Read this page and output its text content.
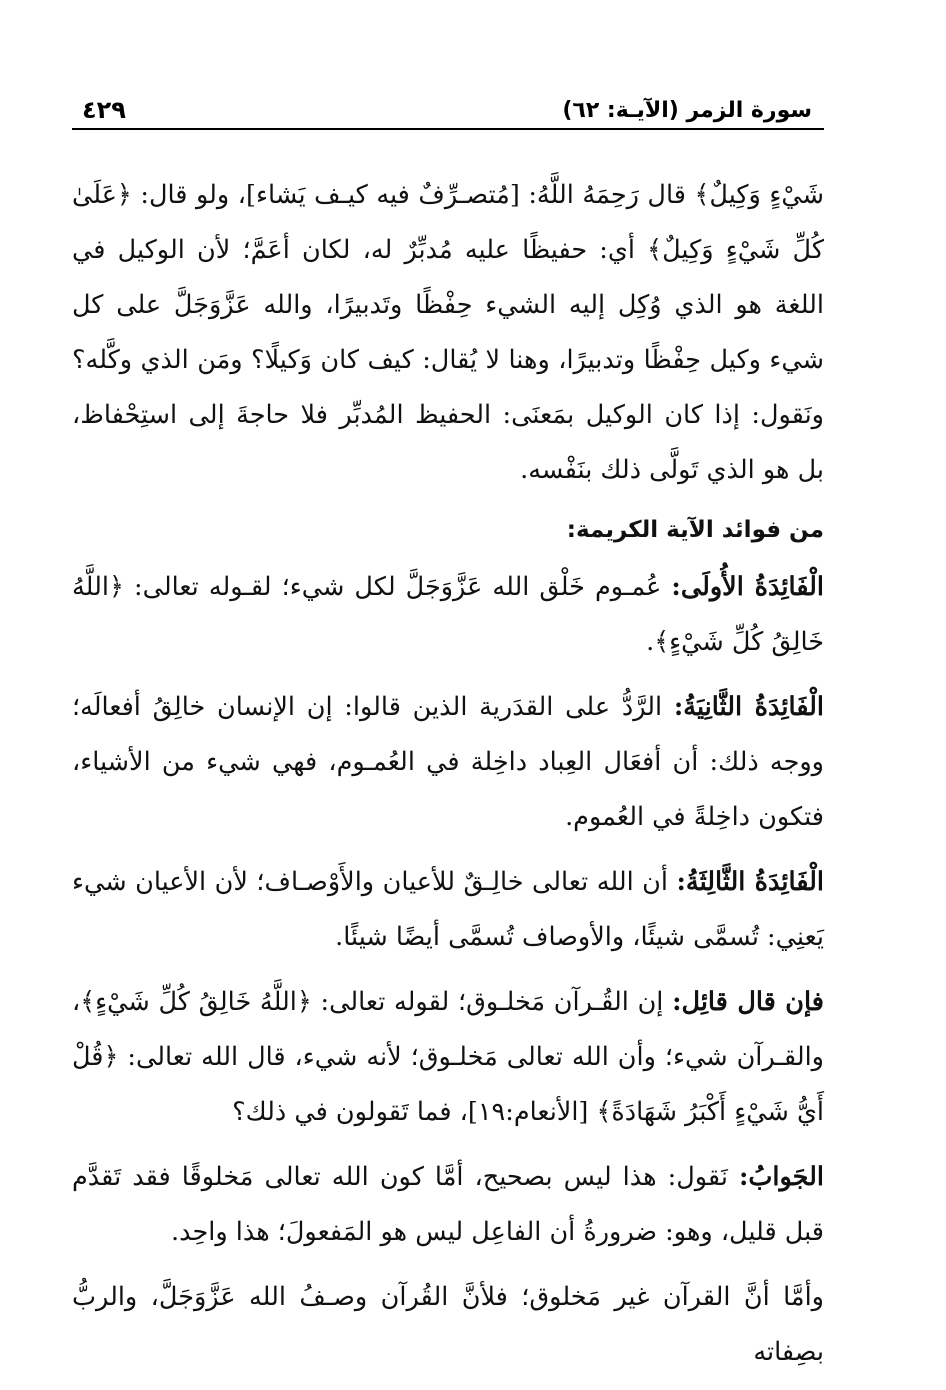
سورة الزمر (الآيـة: ٦٢)
٤٢٩

شَيْءٍ وَكِيلٌ﴾ قال رَحِمَهُ اللَّهُ: [مُتصـرِّفٌ فيه كيـف يَشاء]، ولو قال: ﴿عَلَىٰ كُلِّ شَيْءٍ وَكِيلٌ﴾ أي: حفيظًا عليه مُدبِّرٌ له، لكان أعَمَّ؛ لأن الوكيل في اللغة هو الذي وُكِل إليه الشيء حِفْظًا وتَدبيرًا، والله عَزَّوَجَلَّ على كل شيء وكيل حِفْظًا وتدبيرًا، وهنا لا يُقال: كيف كان وَكيلًا؟ ومَن الذي وكَّله؟ ونَقول: إذا كان الوكيل بمَعنَى: الحفيظ المُدبِّر فلا حاجةَ إلى استِحْفاظ، بل هو الذي تَولَّى ذلك بنَفْسه.

من فوائد الآية الكريمة:

الْفَائِدَةُ الأُولَى: عُمـوم خَلْق الله عَزَّوَجَلَّ لكل شيء؛ لقـوله تعالى: ﴿اللَّهُ خَالِقُ كُلِّ شَيْءٍ﴾.

الْفَائِدَةُ الثَّانِيَةُ: الرَّدُّ على القدَرية الذين قالوا: إن الإنسان خالِقُ أفعالَه؛ ووجه ذلك: أن أفعَال العِباد داخِلة في العُمـوم، فهي شيء من الأشياء، فتكون داخِلةً في العُموم.

الْفَائِدَةُ الثَّالِثَةُ: أن الله تعالى خالِـقٌ للأعيان والأَوْصـاف؛ لأن الأعيان شيء يَعنِي: تُسمَّى شيئًا، والأوصاف تُسمَّى أيضًا شيئًا.

فإن قال قائِل: إن القُـرآن مَخلـوق؛ لقوله تعالى: ﴿اللَّهُ خَالِقُ كُلِّ شَيْءٍ﴾، والقـرآن شيء؛ وأن الله تعالى مَخلـوق؛ لأنه شيء، قال الله تعالى: ﴿قُلْ أَيُّ شَيْءٍ أَكْبَرُ شَهَادَةً﴾ [الأنعام:١٩]، فما تَقولون في ذلك؟

الجَوابُ: نَقول: هذا ليس بصحيح، أمَّا كون الله تعالى مَخلوقًا فقد تَقدَّم قبل قليل، وهو: ضرورةُ أن الفاعِل ليس هو المَفعولَ؛ هذا واحِد.

وأمَّا أنَّ القرآن غير مَخلوق؛ فلأنَّ القُرآن وصـفُ الله عَزَّوَجَلَّ، والربُّ بصِفاته
